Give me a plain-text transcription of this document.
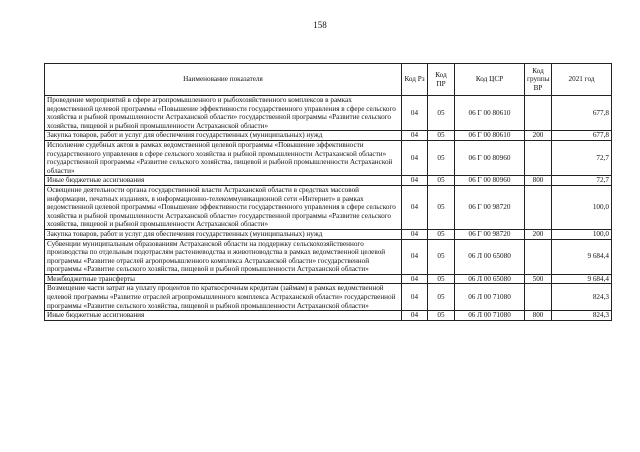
158
Наименование показателя	Код Рз	Код ПР	Код ЦСР	Код группы ВР	2021 год
Проведение мероприятий в сфере агропромышленного и рыбохозяйственного комплексов в рамках ведомственной целевой программы «Повышение эффективности государственного управления в сфере сельского хозяйства и рыбной промышленности Астраханской области» государственной программы «Развитие сельского хозяйства, пищевой и рыбной промышленности Астраханской области»	04	05	06 Г 00 80610		677,8
Закупка товаров, работ и услуг для обеспечения государственных (муниципальных) нужд	04	05	06 Г 00 80610	200	677,8
Исполнение судебных актов в рамках ведомственной целевой программы «Повышение эффективности государственного управления в сфере сельского хозяйства и рыбной промышленности Астраханской области» государственной программы «Развитие сельского хозяйства, пищевой и рыбной промышленности Астраханской области»	04	05	06 Г 00 80960		72,7
Иные бюджетные ассигнования	04	05	06 Г 00 80960	800	72,7
Освещение деятельности органа государственной власти Астраханской области в средствах массовой информации, печатных изданиях, в информационно-телекоммуникационной сети «Интернет» в рамках ведомственной целевой программы «Повышение эффективности государственного управления в сфере сельского хозяйства и рыбной промышленности Астраханской области» государственной программы «Развитие сельского хозяйства, пищевой и рыбной промышленности Астраханской области»	04	05	06 Г 00 98720		100,0
Закупка товаров, работ и услуг для обеспечения государственных (муниципальных) нужд	04	05	06 Г 00 98720	200	100,0
Субвенции муниципальным образованиям Астраханской области на поддержку сельскохозяйственного производства по отдельным подотраслям растениеводства и животноводства в рамках ведомственной целевой программы «Развитие отраслей агропромышленного комплекса Астраханской области» государственной программы «Развитие сельского хозяйства, пищевой и рыбной промышленности Астраханской области»	04	05	06 Л 00 65080		9 684,4
Межбюджетные трансферты	04	05	06 Л 00 65080	500	9 684,4
Возмещение части затрат на уплату процентов по краткосрочным кредитам (займам) в рамках ведомственной целевой программы «Развитие отраслей агропромышленного комплекса Астраханской области» государственной программы «Развитие сельского хозяйства, пищевой и рыбной промышленности Астраханской области»	04	05	06 Л 00 71080		824,3
Иные бюджетные ассигнования	04	05	06 Л 00 71080	800	824,3
